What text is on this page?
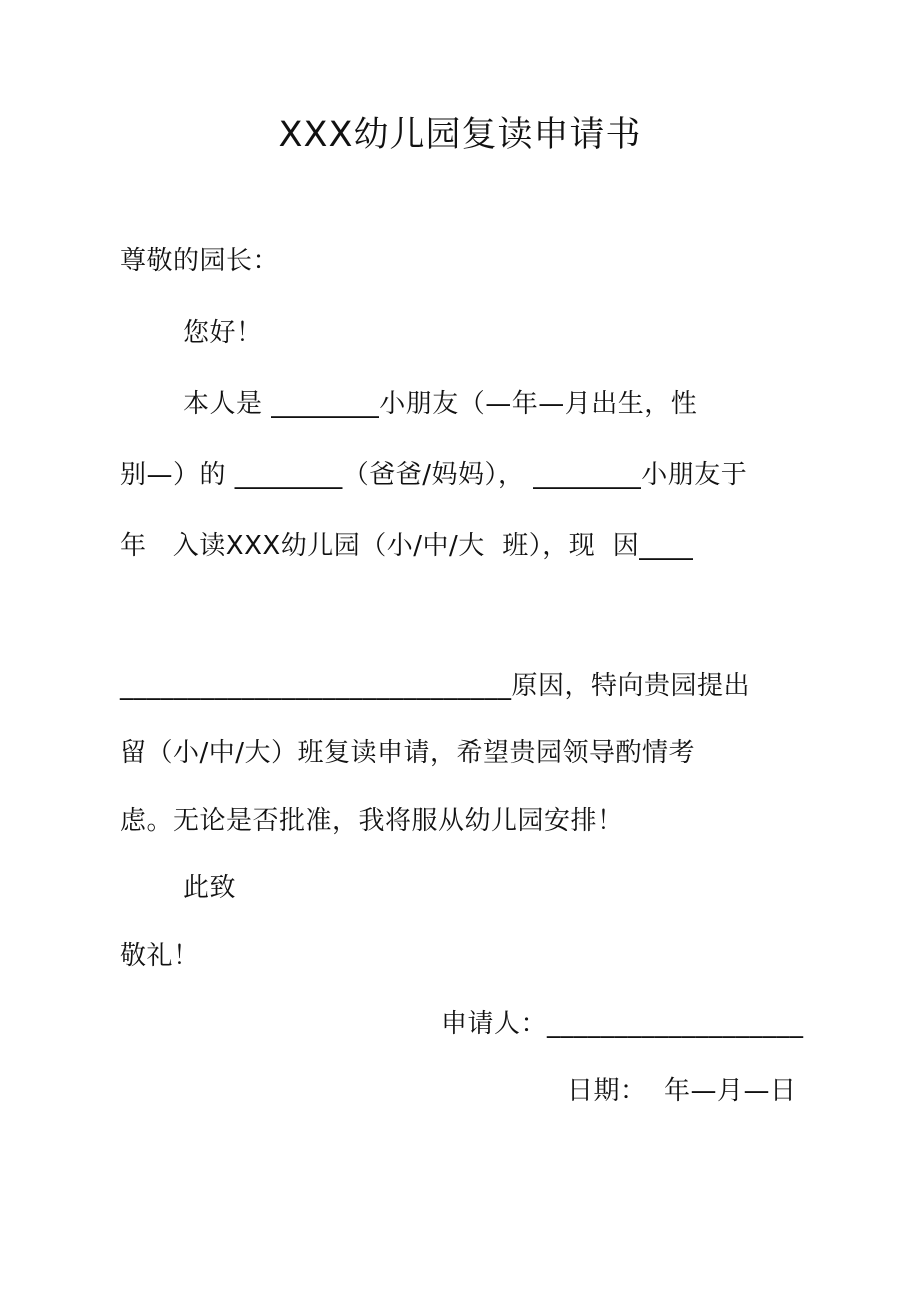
XXX幼儿园复读申请书
尊敬的园长：
您好！
本人是 ________小朋友（—年—月出生，性
别—）的 ________（爸爸/妈妈）， ________小朋友于
年   入读XXX幼儿园（小/中/大  班），现  因____
_____________________________原因，特向贵园提出
留（小/中/大）班复读申请，希望贵园领导酌情考
虑。无论是否批准，我将服从幼儿园安排！
此致
敬礼！
申请人：___________________
日期：  年—月—日
